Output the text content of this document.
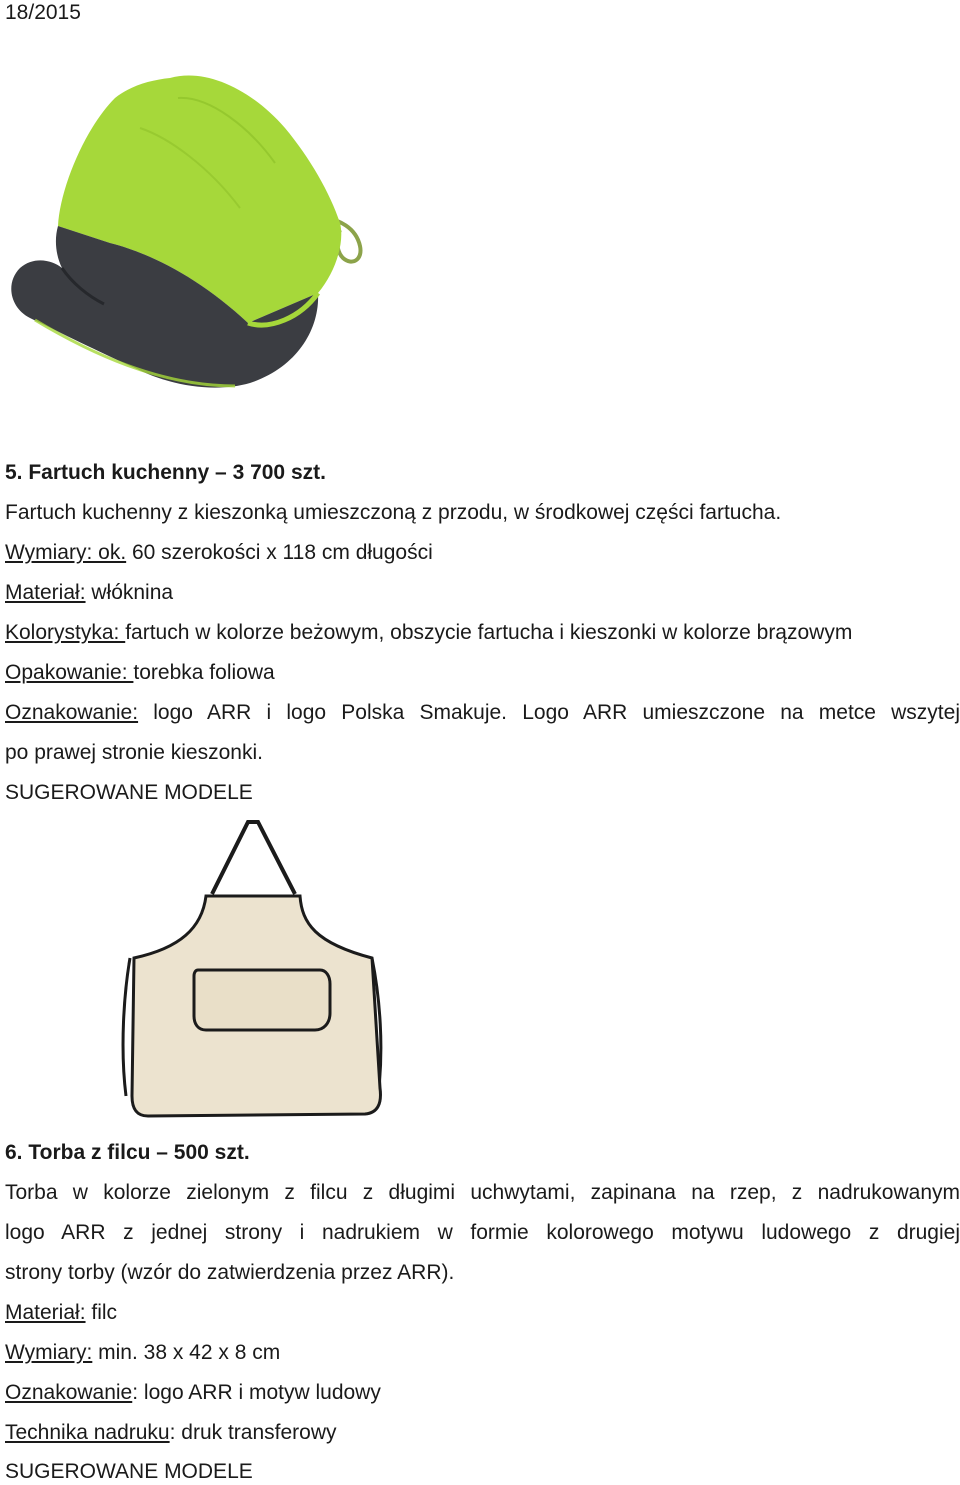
18/2015
5. Fartuch kuchenny – 3 700 szt.
Fartuch kuchenny z kieszonką umieszczoną z przodu, w środkowej części fartucha.
Wymiary: ok. 60 szerokości x 118 cm długości
Materiał: włóknina
Kolorystyka: fartuch w kolorze beżowym, obszycie fartucha i kieszonki w kolorze brązowym
Opakowanie: torebka foliowa
Oznakowanie: logo ARR i logo Polska Smakuje. Logo ARR umieszczone na metce wszytej
po prawej stronie kieszonki.
SUGEROWANE MODELE
6. Torba z filcu – 500 szt.
Torba w kolorze zielonym z filcu z długimi uchwytami, zapinana na rzep, z nadrukowanym
logo ARR z jednej strony i nadrukiem w formie kolorowego motywu ludowego z drugiej
strony torby (wzór do zatwierdzenia przez ARR).
Materiał: filc
Wymiary: min. 38 x 42 x 8 cm
Oznakowanie: logo ARR i motyw ludowy
Technika nadruku: druk transferowy
SUGEROWANE MODELE
